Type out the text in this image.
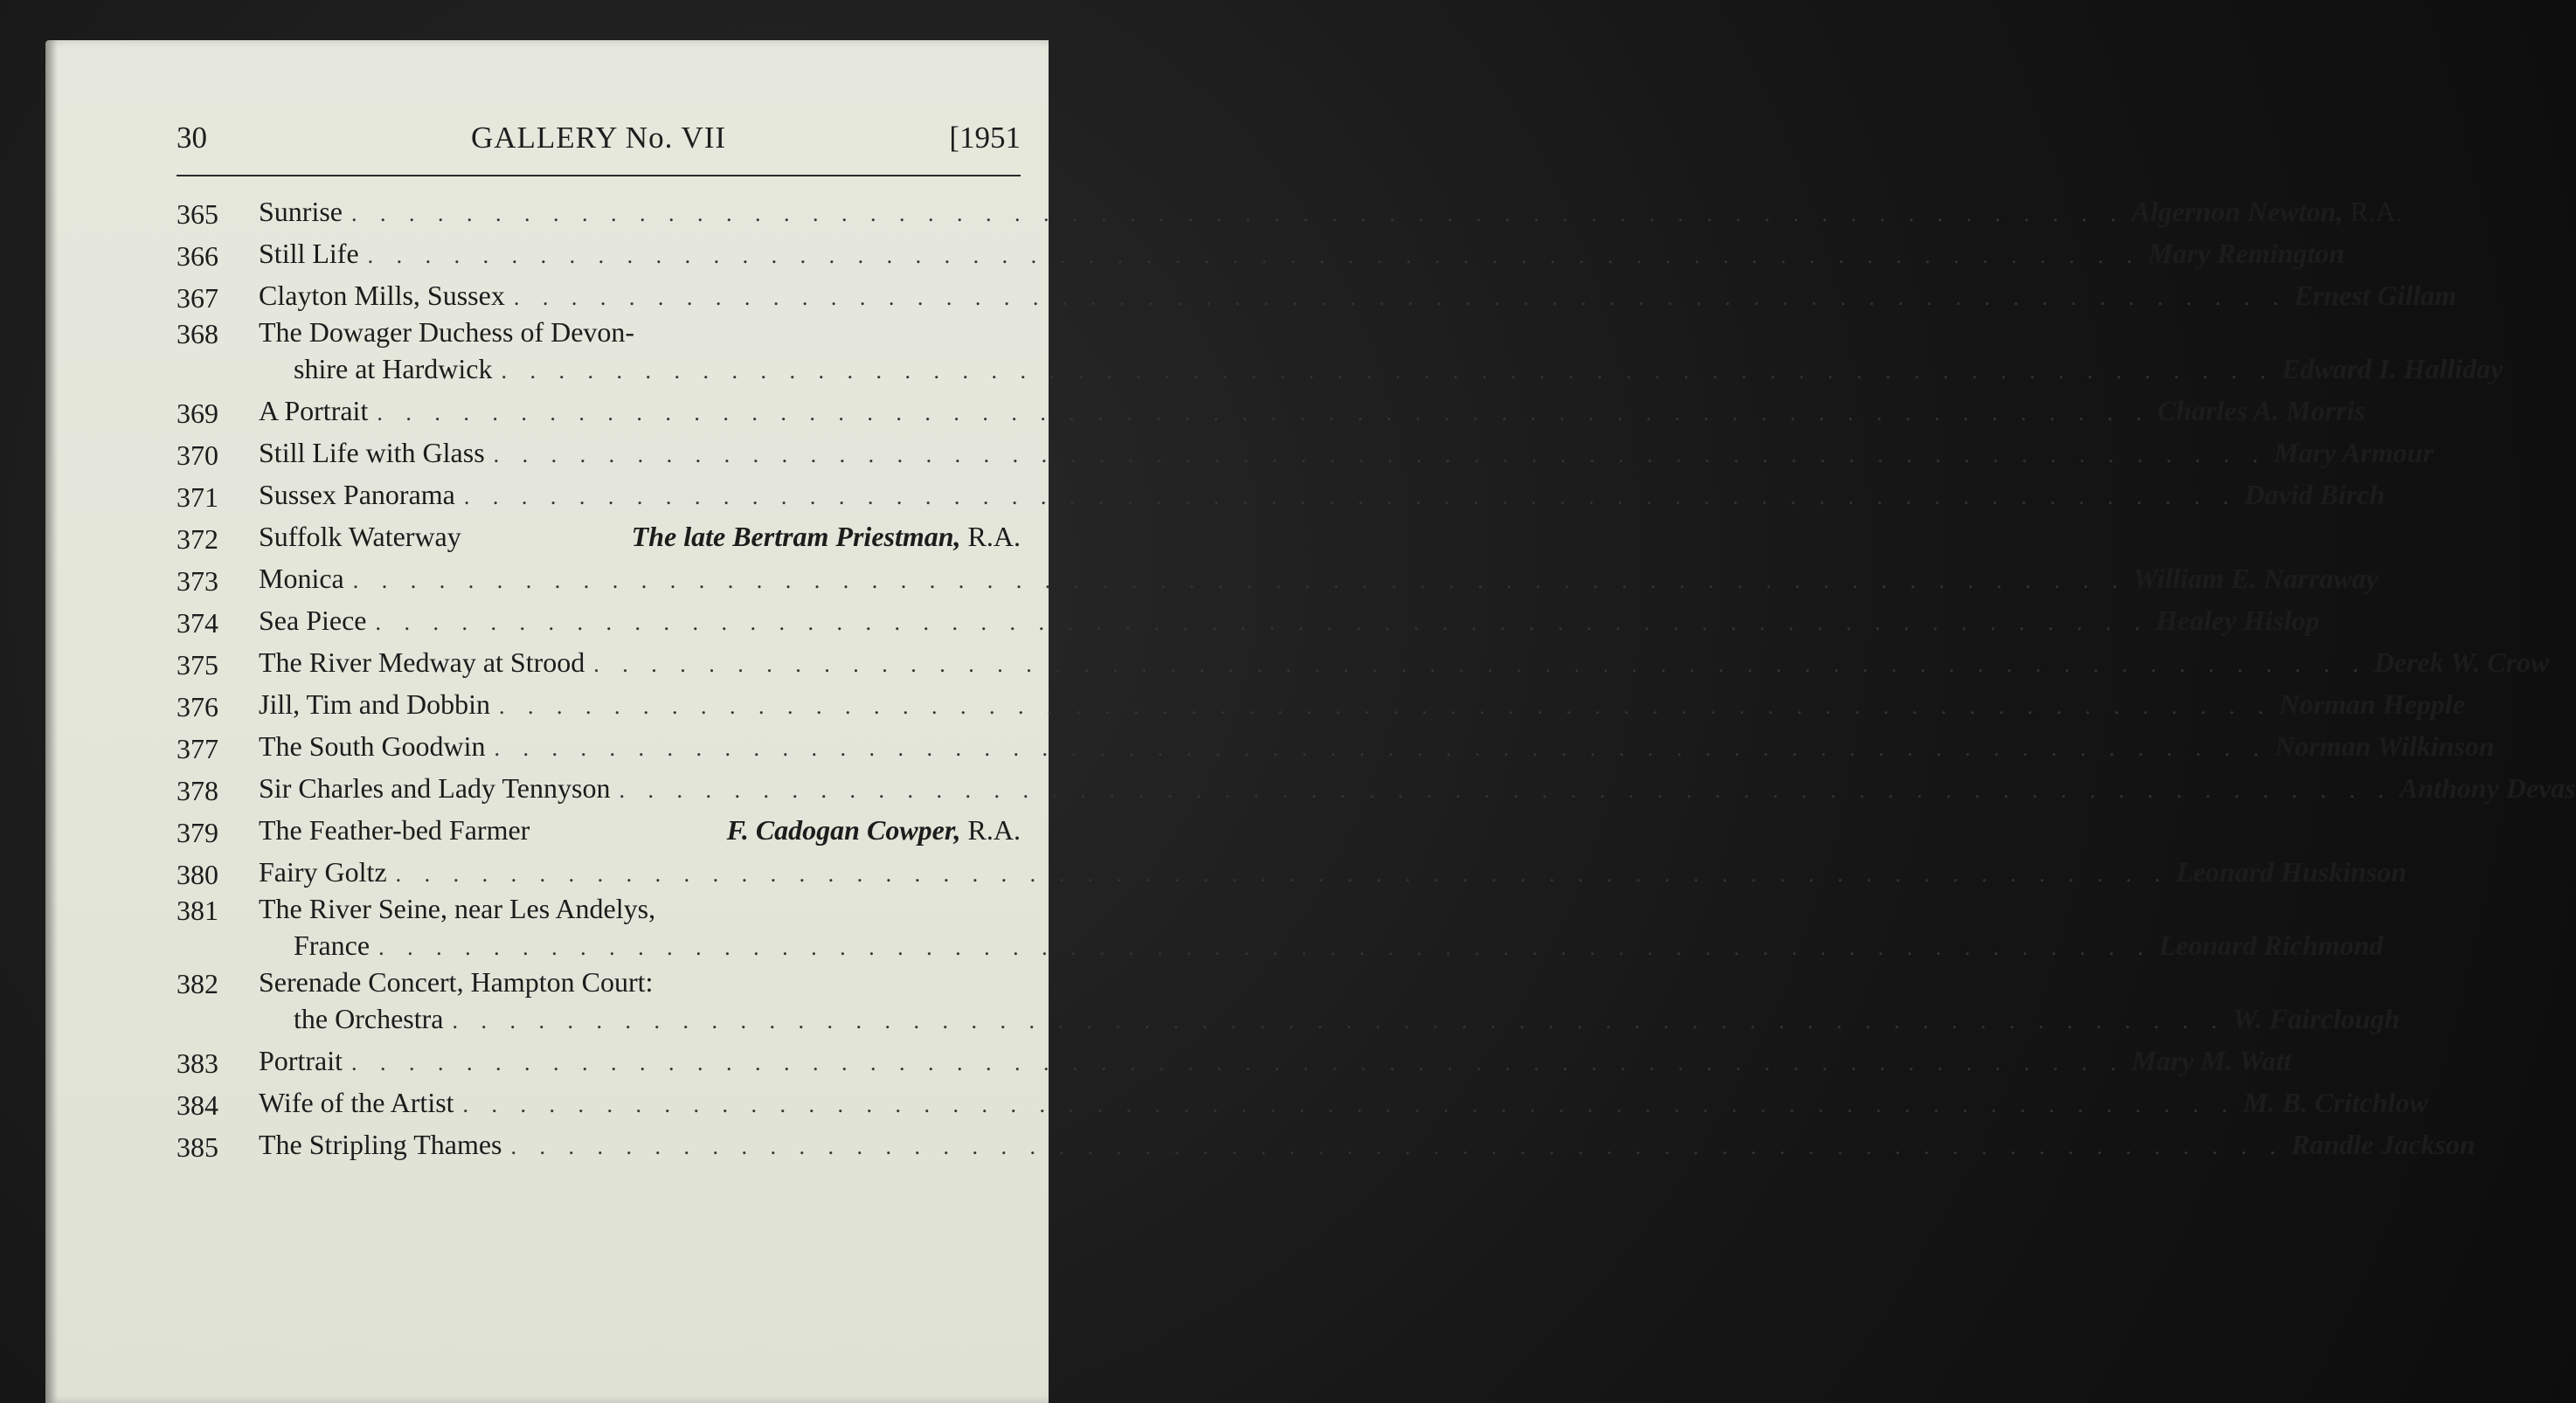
30	GALLERY No. VII	[1951
365	Sunrise . . . . . . . . . . . . . . . . . . . . . . . . . . . . . . . . . . . . . . . . . . . . . . . . . . . . . . . . . . . . . . Algernon Newton, R.A.
366	Still Life . . . . . . . . . . . . . . . . . . . . . . . . . . . . . . . . . . . . . . . . . . . . . . . . . . . . . . . . . . . . . . Mary Remington
367	Clayton Mills, Sussex . . . . . . . . . . . . . . . . . . . . . . . . . . . . . . . . . . . . . . . . . . . . . . . . . . . . . . . . . . . . . . Ernest Gillam
368	The Dowager Duchess of Devon-
shire at Hardwick . . . . . . . . . . . . . . . . . . . . . . . . . . . . . . . . . . . . . . . . . . . . . . . . . . . . . . . . . . . . . . Edward I. Halliday
369	A Portrait . . . . . . . . . . . . . . . . . . . . . . . . . . . . . . . . . . . . . . . . . . . . . . . . . . . . . . . . . . . . . . Charles A. Morris
370	Still Life with Glass . . . . . . . . . . . . . . . . . . . . . . . . . . . . . . . . . . . . . . . . . . . . . . . . . . . . . . . . . . . . . . Mary Armour
371	Sussex Panorama . . . . . . . . . . . . . . . . . . . . . . . . . . . . . . . . . . . . . . . . . . . . . . . . . . . . . . . . . . . . . . David Birch
372	Suffolk Waterway	The late Bertram Priestman, R.A.
373	Monica . . . . . . . . . . . . . . . . . . . . . . . . . . . . . . . . . . . . . . . . . . . . . . . . . . . . . . . . . . . . . . William E. Narraway
374	Sea Piece . . . . . . . . . . . . . . . . . . . . . . . . . . . . . . . . . . . . . . . . . . . . . . . . . . . . . . . . . . . . . . Healey Hislop
375	The River Medway at Strood . . . . . . . . . . . . . . . . . . . . . . . . . . . . . . . . . . . . . . . . . . . . . . . . . . . . . . . . . . . . . . Derek W. Crow
376	Jill, Tim and Dobbin . . . . . . . . . . . . . . . . . . . . . . . . . . . . . . . . . . . . . . . . . . . . . . . . . . . . . . . . . . . . . . Norman Hepple
377	The South Goodwin . . . . . . . . . . . . . . . . . . . . . . . . . . . . . . . . . . . . . . . . . . . . . . . . . . . . . . . . . . . . . . Norman Wilkinson
378	Sir Charles and Lady Tennyson . . . . . . . . . . . . . . . . . . . . . . . . . . . . . . . . . . . . . . . . . . . . . . . . . . . . . . . . . . . . . . Anthony Devas
379	The Feather-bed Farmer	F. Cadogan Cowper, R.A.
380	Fairy Goltz . . . . . . . . . . . . . . . . . . . . . . . . . . . . . . . . . . . . . . . . . . . . . . . . . . . . . . . . . . . . . . Leonard Huskinson
381	The River Seine, near Les Andelys,
France . . . . . . . . . . . . . . . . . . . . . . . . . . . . . . . . . . . . . . . . . . . . . . . . . . . . . . . . . . . . . . Leonard Richmond
382	Serenade Concert, Hampton Court:
the Orchestra . . . . . . . . . . . . . . . . . . . . . . . . . . . . . . . . . . . . . . . . . . . . . . . . . . . . . . . . . . . . . . W. Fairclough
383	Portrait . . . . . . . . . . . . . . . . . . . . . . . . . . . . . . . . . . . . . . . . . . . . . . . . . . . . . . . . . . . . . . Mary M. Watt
384	Wife of the Artist . . . . . . . . . . . . . . . . . . . . . . . . . . . . . . . . . . . . . . . . . . . . . . . . . . . . . . . . . . . . . . M. B. Critchlow
385	The Stripling Thames . . . . . . . . . . . . . . . . . . . . . . . . . . . . . . . . . . . . . . . . . . . . . . . . . . . . . . . . . . . . . . Randle Jackson
